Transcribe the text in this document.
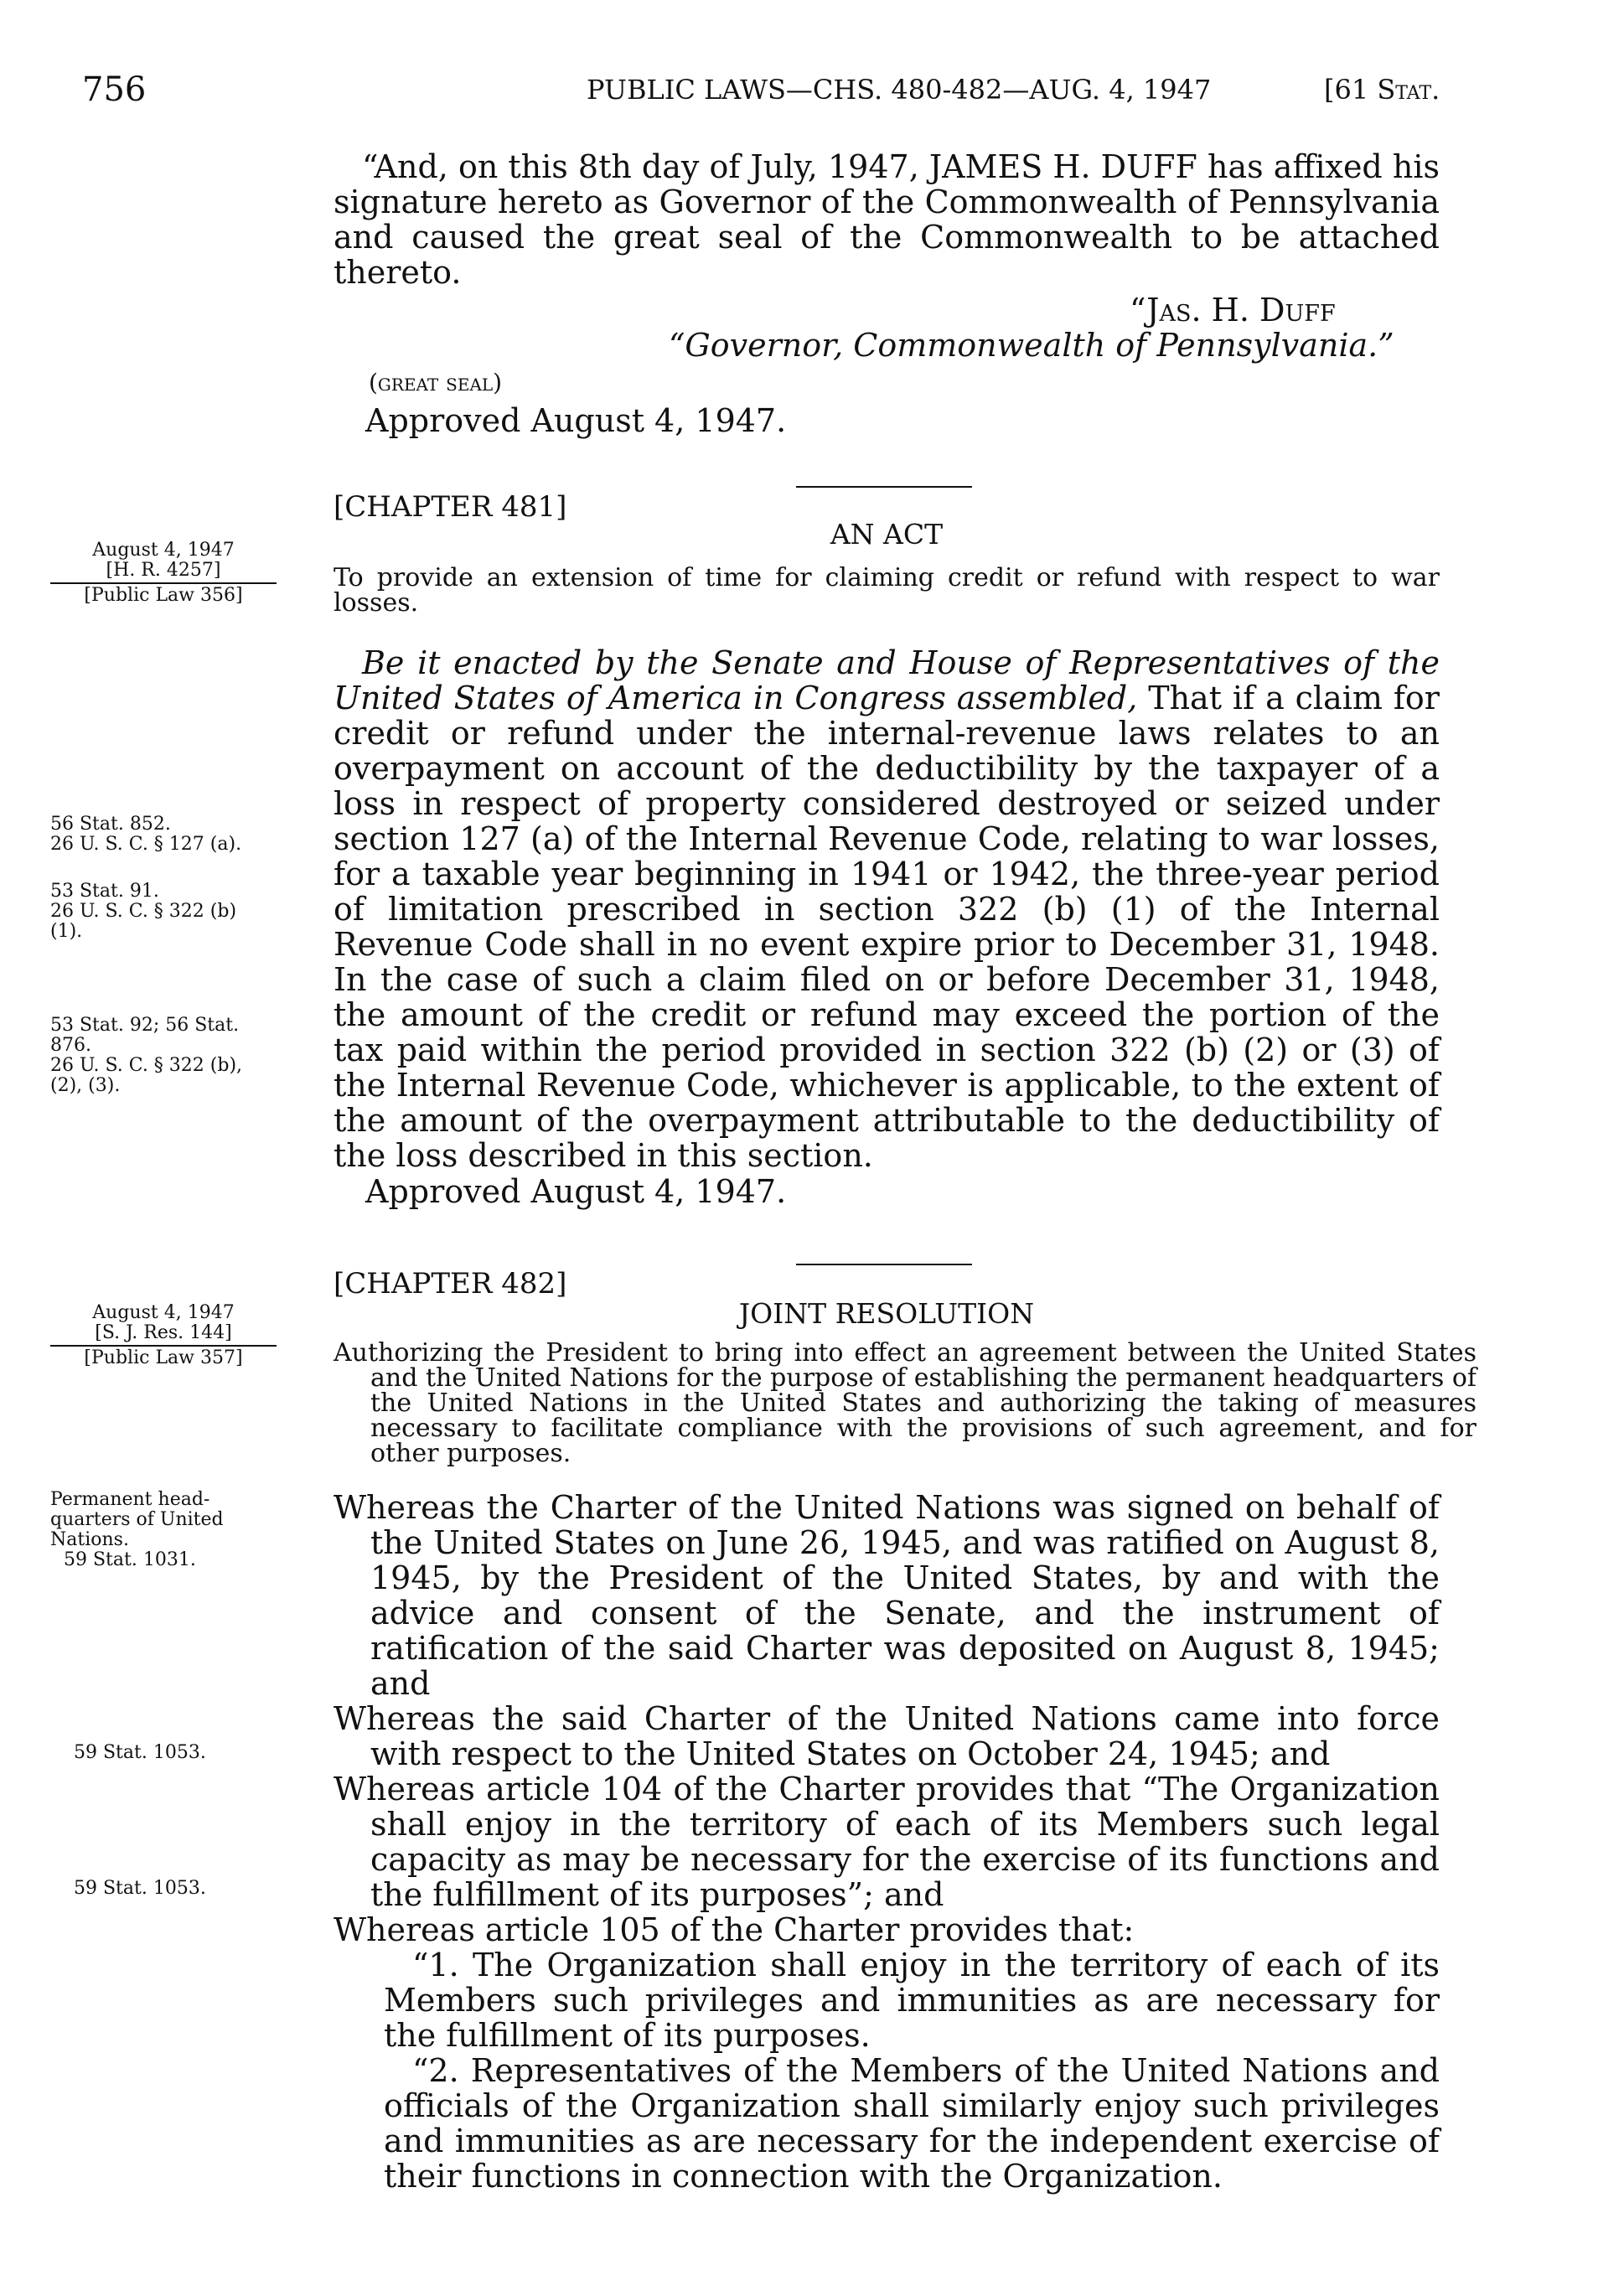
756	PUBLIC LAWS—CHS. 480-482—AUG. 4, 1947	[61 Stat.

“And, on this 8th day of July, 1947, JAMES H. DUFF has affixed his signature hereto as Governor of the Commonwealth of Pennsylvania and caused the great seal of the Commonwealth to be attached thereto.

“Jas. H. Duff
“Governor, Commonwealth of Pennsylvania.”
(great seal)
Approved August 4, 1947.
[CHAPTER 481]
AN ACT
To provide an extension of time for claiming credit or refund with respect to war losses.
August 4, 1947
[H. R. 4257]
[Public Law 356]

Be it enacted by the Senate and House of Representatives of the United States of America in Congress assembled, That if a claim for credit or refund under the internal-revenue laws relates to an overpayment on account of the deductibility by the taxpayer of a loss in respect of property considered destroyed or seized under section 127 (a) of the Internal Revenue Code, relating to war losses, for a taxable year beginning in 1941 or 1942, the three-year period of limitation prescribed in section 322 (b) (1) of the Internal Revenue Code shall in no event expire prior to December 31, 1948. In the case of such a claim filed on or before December 31, 1948, the amount of the credit or refund may exceed the portion of the tax paid within the period provided in section 322 (b) (2) or (3) of the Internal Revenue Code, whichever is applicable, to the extent of the amount of the overpayment attributable to the deductibility of the loss described in this section.

Approved August 4, 1947.
56 Stat. 852.
26 U. S. C. § 127 (a).
53 Stat. 91.
26 U. S. C. § 322 (b)
(1).
53 Stat. 92; 56 Stat.
876.
26 U. S. C. § 322 (b),
(2), (3).
[CHAPTER 482]
JOINT RESOLUTION
Authorizing the President to bring into effect an agreement between the United States and the United Nations for the purpose of establishing the permanent headquarters of the United Nations in the United States and authorizing the taking of measures necessary to facilitate compliance with the provisions of such agreement, and for other purposes.
August 4, 1947
[S. J. Res. 144]
[Public Law 357]
Permanent head-
quarters of United
Nations.
59 Stat. 1031.
59 Stat. 1053.
59 Stat. 1053.

Whereas the Charter of the United Nations was signed on behalf of the United States on June 26, 1945, and was ratified on August 8, 1945, by the President of the United States, by and with the advice and consent of the Senate, and the instrument of ratification of the said Charter was deposited on August 8, 1945; and

Whereas the said Charter of the United Nations came into force with respect to the United States on October 24, 1945; and

Whereas article 104 of the Charter provides that “The Organization shall enjoy in the territory of each of its Members such legal capacity as may be necessary for the exercise of its functions and the fulfillment of its purposes”; and

Whereas article 105 of the Charter provides that:

“1. The Organization shall enjoy in the territory of each of its Members such privileges and immunities as are necessary for the fulfillment of its purposes.

“2. Representatives of the Members of the United Nations and officials of the Organization shall similarly enjoy such privileges and immunities as are necessary for the independent exercise of their functions in connection with the Organization.
